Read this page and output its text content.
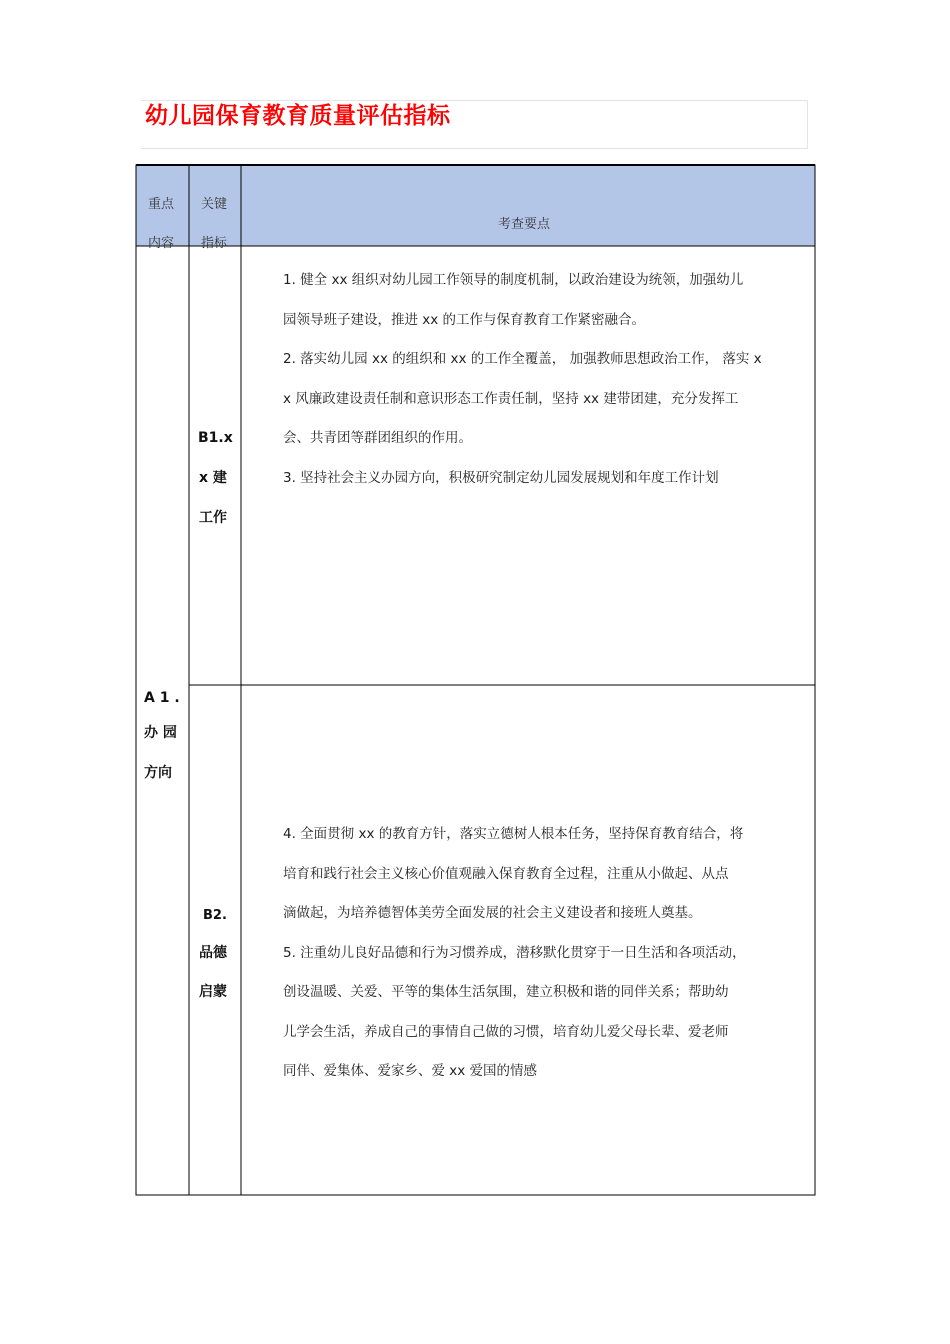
幼儿园保育教育质量评估指标
重点
内容
关键
指标
考查要点
A 1 .
办 园
方向
B1.x
x 建
工作
1. 健全 xx 组织对幼儿园工作领导的制度机制，以政治建设为统领，加强幼儿
园领导班子建设，推进 xx 的工作与保育教育工作紧密融合。
2. 落实幼儿园 xx 的组织和 xx 的工作全覆盖， 加强教师思想政治工作， 落实 x
x 风廉政建设责任制和意识形态工作责任制，坚持 xx 建带团建，充分发挥工
会、共青团等群团组织的作用。
3. 坚持社会主义办园方向，积极研究制定幼儿园发展规划和年度工作计划
B2.
品德
启蒙
4. 全面贯彻 xx 的教育方针，落实立德树人根本任务，坚持保育教育结合，将
培育和践行社会主义核心价值观融入保育教育全过程，注重从小做起、从点
滴做起，为培养德智体美劳全面发展的社会主义建设者和接班人奠基。
5. 注重幼儿良好品德和行为习惯养成，潜移默化贯穿于一日生活和各项活动，
创设温暖、关爱、平等的集体生活氛围，建立积极和谐的同伴关系；帮助幼
儿学会生活，养成自己的事情自己做的习惯，培育幼儿爱父母长辈、爱老师
同伴、爱集体、爱家乡、爱 xx 爱国的情感
